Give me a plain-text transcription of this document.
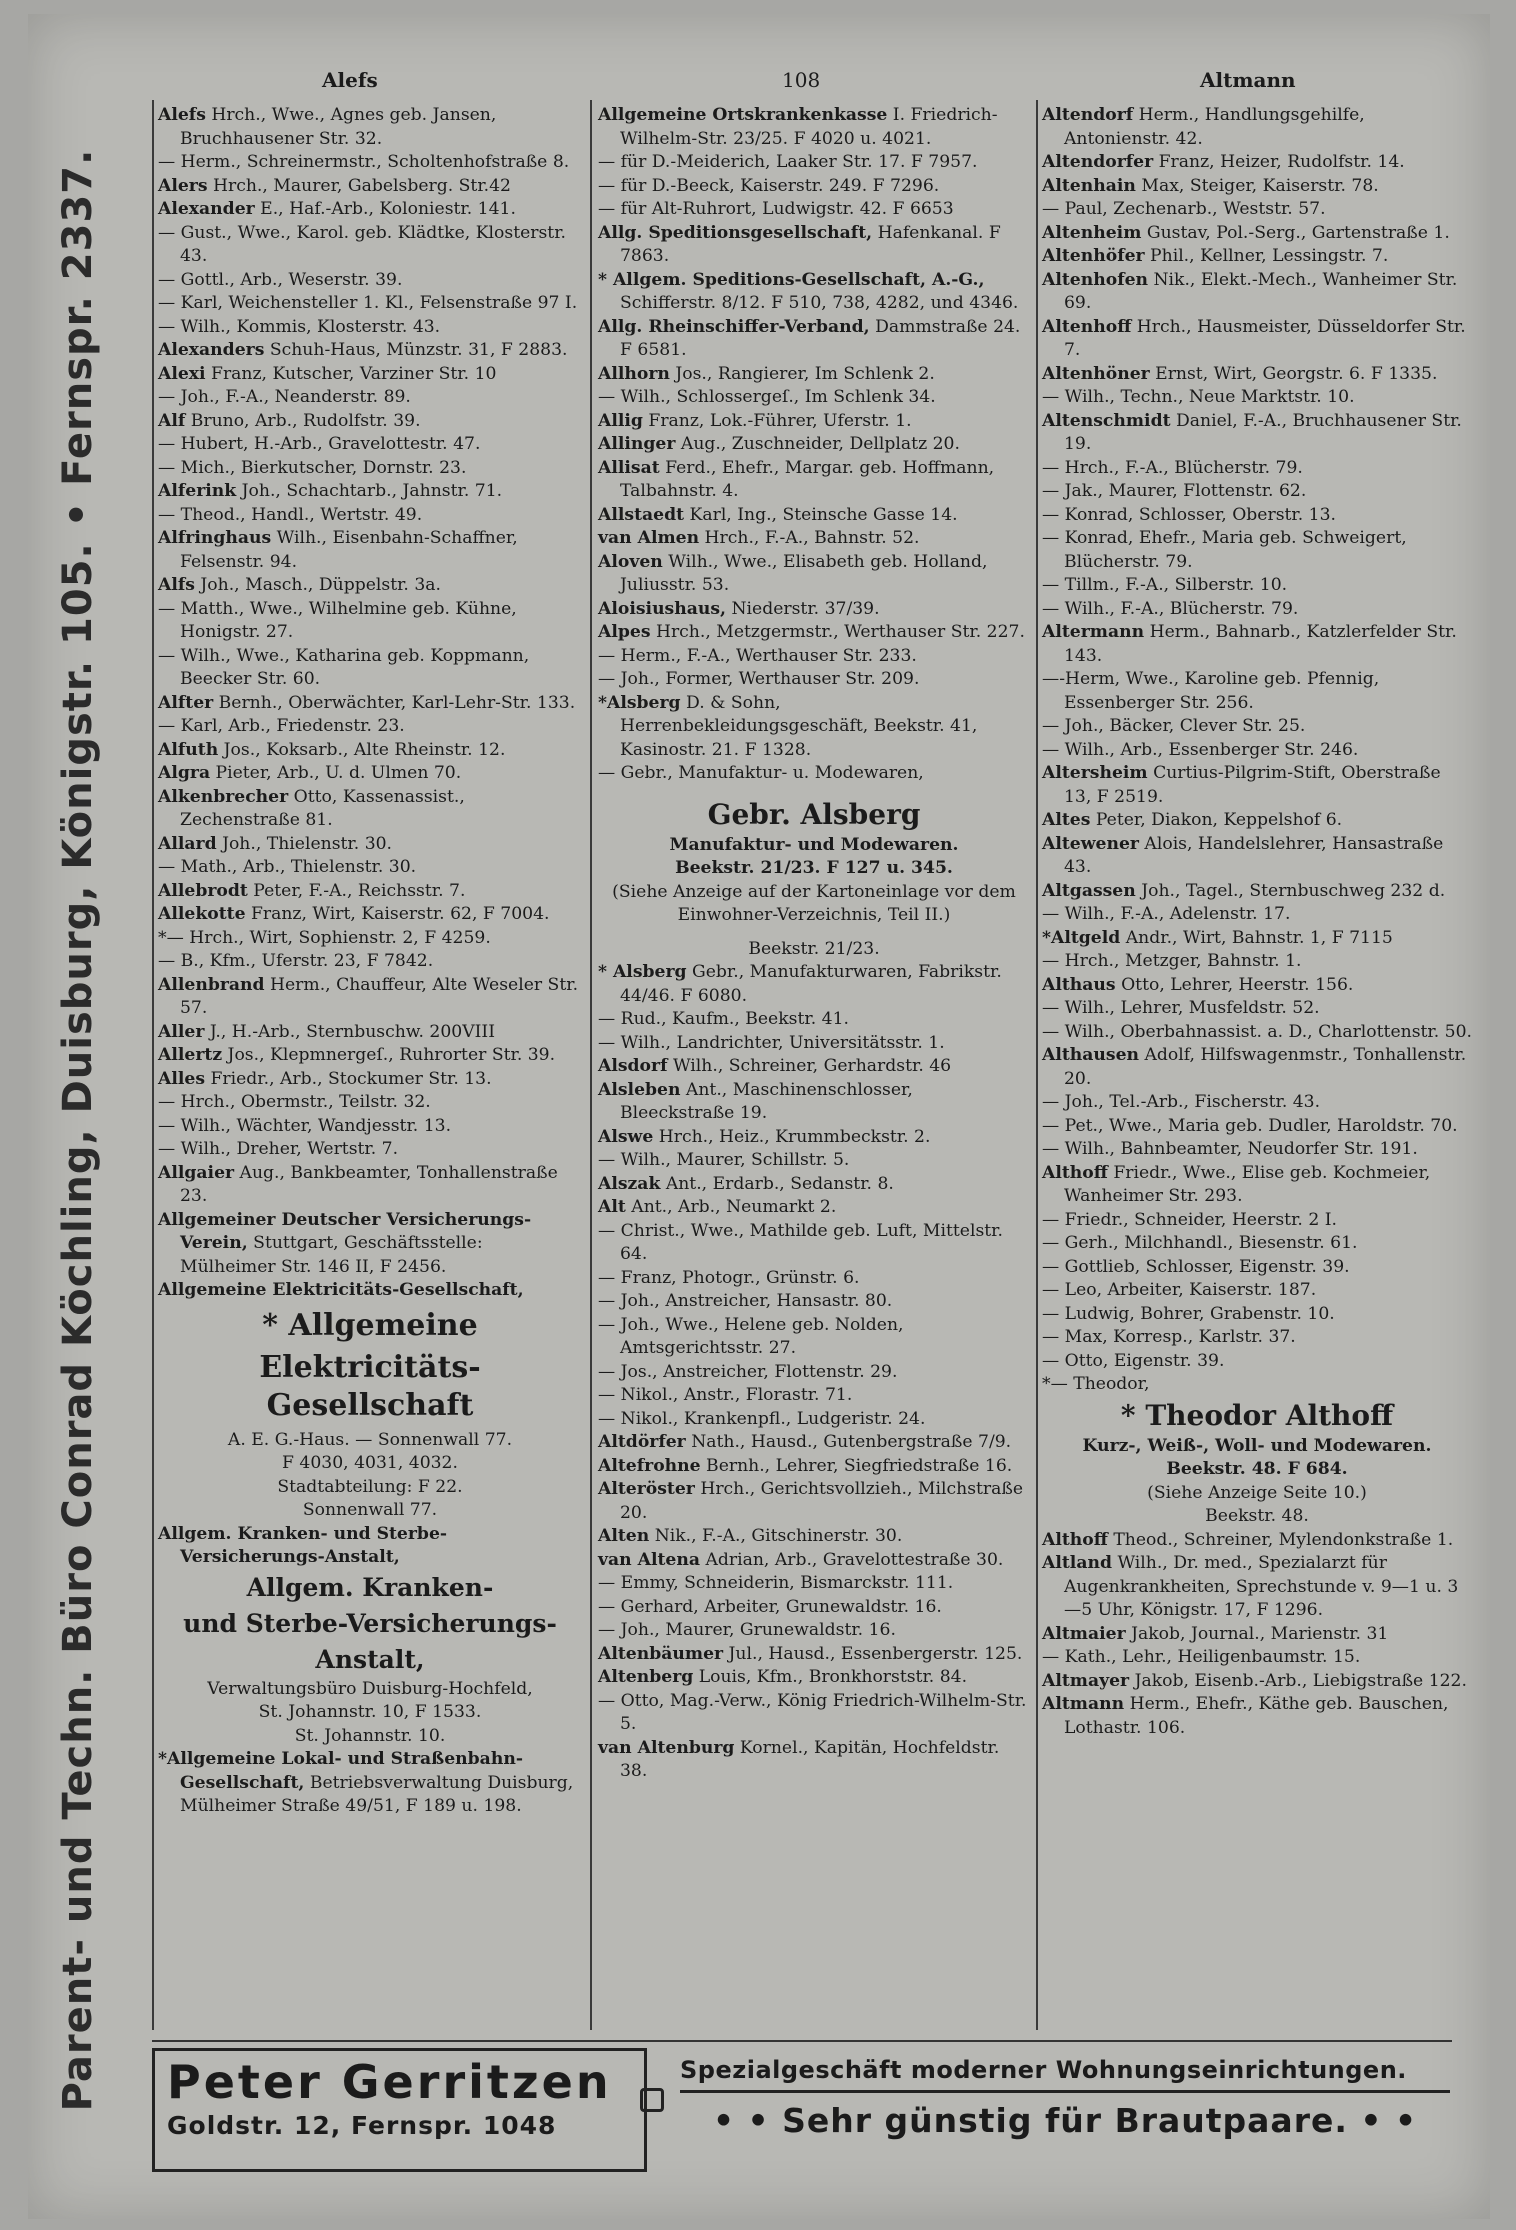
Parent- und Techn. Büro Conrad Köchling, Duisburg, Königstr. 105. • Fernspr. 2337.
Alefs	108	Altmann

Alefs Hrch., Wwe., Agnes geb. Jansen, Bruchhausener Str. 32.

— Herm., Schreinermstr., Scholtenhofstraße 8.

Alers Hrch., Maurer, Gabelsberg. Str.42

Alexander E., Haf.-Arb., Koloniestr. 141.

— Gust., Wwe., Karol. geb. Klädtke, Klosterstr. 43.

— Gottl., Arb., Weserstr. 39.

— Karl, Weichensteller 1. Kl., Felsenstraße 97 I.

— Wilh., Kommis, Klosterstr. 43.

Alexanders Schuh-Haus, Münzstr. 31, F 2883.

Alexi Franz, Kutscher, Varziner Str. 10

— Joh., F.-A., Neanderstr. 89.

Alf Bruno, Arb., Rudolfstr. 39.

— Hubert, H.-Arb., Gravelottestr. 47.

— Mich., Bierkutscher, Dornstr. 23.

Alferink Joh., Schachtarb., Jahnstr. 71.

— Theod., Handl., Wertstr. 49.

Alfringhaus Wilh., Eisenbahn-Schaffner, Felsenstr. 94.

Alfs Joh., Masch., Düppelstr. 3a.

— Matth., Wwe., Wilhelmine geb. Kühne, Honigstr. 27.

— Wilh., Wwe., Katharina geb. Koppmann, Beecker Str. 60.

Alfter Bernh., Oberwächter, Karl-Lehr-Str. 133.

— Karl, Arb., Friedenstr. 23.

Alfuth Jos., Koksarb., Alte Rheinstr. 12.

Algra Pieter, Arb., U. d. Ulmen 70.

Alkenbrecher Otto, Kassenassist., Zechenstraße 81.

Allard Joh., Thielenstr. 30.

— Math., Arb., Thielenstr. 30.

Allebrodt Peter, F.-A., Reichsstr. 7.

Allekotte Franz, Wirt, Kaiserstr. 62, F 7004.

*— Hrch., Wirt, Sophienstr. 2, F 4259.

— B., Kfm., Uferstr. 23, F 7842.

Allenbrand Herm., Chauffeur, Alte Weseler Str. 57.

Aller J., H.-Arb., Sternbuschw. 200VIII

Allertz Jos., Klepmnergeſ., Ruhrorter Str. 39.

Alles Friedr., Arb., Stockumer Str. 13.

— Hrch., Obermstr., Teilstr. 32.

— Wilh., Wächter, Wandjesstr. 13.

— Wilh., Dreher, Wertstr. 7.

Allgaier Aug., Bankbeamter, Tonhallenstraße 23.

Allgemeiner Deutscher Versicherungs-Verein, Stuttgart, Geschäftsstelle: Mülheimer Str. 146 II, F 2456.

Allgemeine Elektricitäts-Gesellschaft,

* Allgemeine

Elektricitäts-Gesellschaft

A. E. G.-Haus. — Sonnenwall 77.

F 4030, 4031, 4032.

Stadtabteilung: F 22.

Sonnenwall 77.

Allgem. Kranken- und Sterbe-Versicherungs-Anstalt,

Allgem. Kranken-

und Sterbe-Versicherungs-

Anstalt,

Verwaltungsbüro Duisburg-Hochfeld,

St. Johannstr. 10, F 1533.

St. Johannstr. 10.

*Allgemeine Lokal- und Straßenbahn-Gesellschaft, Betriebsverwaltung Duisburg, Mülheimer Straße 49/51, F 189 u. 198.

Allgemeine Ortskrankenkasse I. Friedrich-Wilhelm-Str. 23/25. F 4020 u. 4021.

— für D.-Meiderich, Laaker Str. 17. F 7957.

— für D.-Beeck, Kaiserstr. 249. F 7296.

— für Alt-Ruhrort, Ludwigstr. 42. F 6653

Allg. Speditionsgesellschaft, Hafenkanal. F 7863.

* Allgem. Speditions-Gesellschaft, A.-G., Schifferstr. 8/12. F 510, 738, 4282, und 4346.

Allg. Rheinschiffer-Verband, Dammstraße 24. F 6581.

Allhorn Jos., Rangierer, Im Schlenk 2.

— Wilh., Schlossergeſ., Im Schlenk 34.

Allig Franz, Lok.-Führer, Uferstr. 1.

Allinger Aug., Zuschneider, Dellplatz 20.

Allisat Ferd., Ehefr., Margar. geb. Hoffmann, Talbahnstr. 4.

Allstaedt Karl, Ing., Steinsche Gasse 14.

van Almen Hrch., F.-A., Bahnstr. 52.

Aloven Wilh., Wwe., Elisabeth geb. Holland, Juliusstr. 53.

Aloisiushaus, Niederstr. 37/39.

Alpes Hrch., Metzgermstr., Werthauser Str. 227.

— Herm., F.-A., Werthauser Str. 233.

— Joh., Former, Werthauser Str. 209.

*Alsberg D. & Sohn, Herrenbekleidungsgeschäft, Beekstr. 41, Kasinostr. 21. F 1328.

— Gebr., Manufaktur- u. Modewaren,

Gebr. Alsberg

Manufaktur- und Modewaren.

Beekstr. 21/23. F 127 u. 345.

(Siehe Anzeige auf der Kartoneinlage vor dem Einwohner-Verzeichnis, Teil II.)

Beekstr. 21/23.

* Alsberg Gebr., Manufakturwaren, Fabrikstr. 44/46. F 6080.

— Rud., Kaufm., Beekstr. 41.

— Wilh., Landrichter, Universitätsstr. 1.

Alsdorf Wilh., Schreiner, Gerhardstr. 46

Alsleben Ant., Maschinenschlosser, Bleeckstraße 19.

Alswe Hrch., Heiz., Krummbeckstr. 2.

— Wilh., Maurer, Schillstr. 5.

Alszak Ant., Erdarb., Sedanstr. 8.

Alt Ant., Arb., Neumarkt 2.

— Christ., Wwe., Mathilde geb. Luft, Mittelstr. 64.

— Franz, Photogr., Grünstr. 6.

— Joh., Anstreicher, Hansastr. 80.

— Joh., Wwe., Helene geb. Nolden, Amtsgerichtsstr. 27.

— Jos., Anstreicher, Flottenstr. 29.

— Nikol., Anstr., Florastr. 71.

— Nikol., Krankenpfl., Ludgeristr. 24.

Altdörfer Nath., Hausd., Gutenbergstraße 7/9.

Altefrohne Bernh., Lehrer, Siegfriedstraße 16.

Alteröster Hrch., Gerichtsvollzieh., Milchstraße 20.

Alten Nik., F.-A., Gitschinerstr. 30.

van Altena Adrian, Arb., Gravelottestraße 30.

— Emmy, Schneiderin, Bismarckstr. 111.

— Gerhard, Arbeiter, Grunewaldstr. 16.

— Joh., Maurer, Grunewaldstr. 16.

Altenbäumer Jul., Hausd., Essenbergerstr. 125.

Altenberg Louis, Kfm., Bronkhorststr. 84.

— Otto, Mag.-Verw., König Friedrich-Wilhelm-Str. 5.

van Altenburg Kornel., Kapitän, Hochfeldstr. 38.

Altendorf Herm., Handlungsgehilfe, Antonienstr. 42.

Altendorfer Franz, Heizer, Rudolfstr. 14.

Altenhain Max, Steiger, Kaiserstr. 78.

— Paul, Zechenarb., Weststr. 57.

Altenheim Gustav, Pol.-Serg., Gartenstraße 1.

Altenhöfer Phil., Kellner, Lessingstr. 7.

Altenhofen Nik., Elekt.-Mech., Wanheimer Str. 69.

Altenhoff Hrch., Hausmeister, Düsseldorfer Str. 7.

Altenhöner Ernst, Wirt, Georgstr. 6. F 1335.

— Wilh., Techn., Neue Marktstr. 10.

Altenschmidt Daniel, F.-A., Bruchhausener Str. 19.

— Hrch., F.-A., Blücherstr. 79.

— Jak., Maurer, Flottenstr. 62.

— Konrad, Schlosser, Oberstr. 13.

— Konrad, Ehefr., Maria geb. Schweigert, Blücherstr. 79.

— Tillm., F.-A., Silberstr. 10.

— Wilh., F.-A., Blücherstr. 79.

Altermann Herm., Bahnarb., Katzlerfelder Str. 143.

—-Herm, Wwe., Karoline geb. Pfennig, Essenberger Str. 256.

— Joh., Bäcker, Clever Str. 25.

— Wilh., Arb., Essenberger Str. 246.

Altersheim Curtius-Pilgrim-Stift, Oberstraße 13, F 2519.

Altes Peter, Diakon, Keppelshof 6.

Altewener Alois, Handelslehrer, Hansastraße 43.

Altgassen Joh., Tagel., Sternbuschweg 232 d.

— Wilh., F.-A., Adelenstr. 17.

*Altgeld Andr., Wirt, Bahnstr. 1, F 7115

— Hrch., Metzger, Bahnstr. 1.

Althaus Otto, Lehrer, Heerstr. 156.

— Wilh., Lehrer, Musfeldstr. 52.

— Wilh., Oberbahnassist. a. D., Charlottenstr. 50.

Althausen Adolf, Hilfswagenmstr., Tonhallenstr. 20.

— Joh., Tel.-Arb., Fischerstr. 43.

— Pet., Wwe., Maria geb. Dudler, Haroldstr. 70.

— Wilh., Bahnbeamter, Neudorfer Str. 191.

Althoff Friedr., Wwe., Elise geb. Kochmeier, Wanheimer Str. 293.

— Friedr., Schneider, Heerstr. 2 I.

— Gerh., Milchhandl., Biesenstr. 61.

— Gottlieb, Schlosser, Eigenstr. 39.

— Leo, Arbeiter, Kaiserstr. 187.

— Ludwig, Bohrer, Grabenstr. 10.

— Max, Korresp., Karlstr. 37.

— Otto, Eigenstr. 39.

*— Theodor,

* Theodor Althoff

Kurz-, Weiß-, Woll- und Modewaren.

Beekstr. 48. F 684.

(Siehe Anzeige Seite 10.)

Beekstr. 48.

Althoff Theod., Schreiner, Mylendonkstraße 1.

Altland Wilh., Dr. med., Spezialarzt für Augenkrankheiten, Sprechstunde v. 9—1 u. 3—5 Uhr, Königstr. 17, F 1296.

Altmaier Jakob, Journal., Marienstr. 31

— Kath., Lehr., Heiligenbaumstr. 15.

Altmayer Jakob, Eisenb.-Arb., Liebigstraße 122.

Altmann Herm., Ehefr., Käthe geb. Bauschen, Lothastr. 106.

Peter Gerritzen
Goldstr. 12, Fernspr. 1048
Spezialgeschäft moderner Wohnungseinrichtungen.
• • Sehr günstig für Brautpaare. • •
